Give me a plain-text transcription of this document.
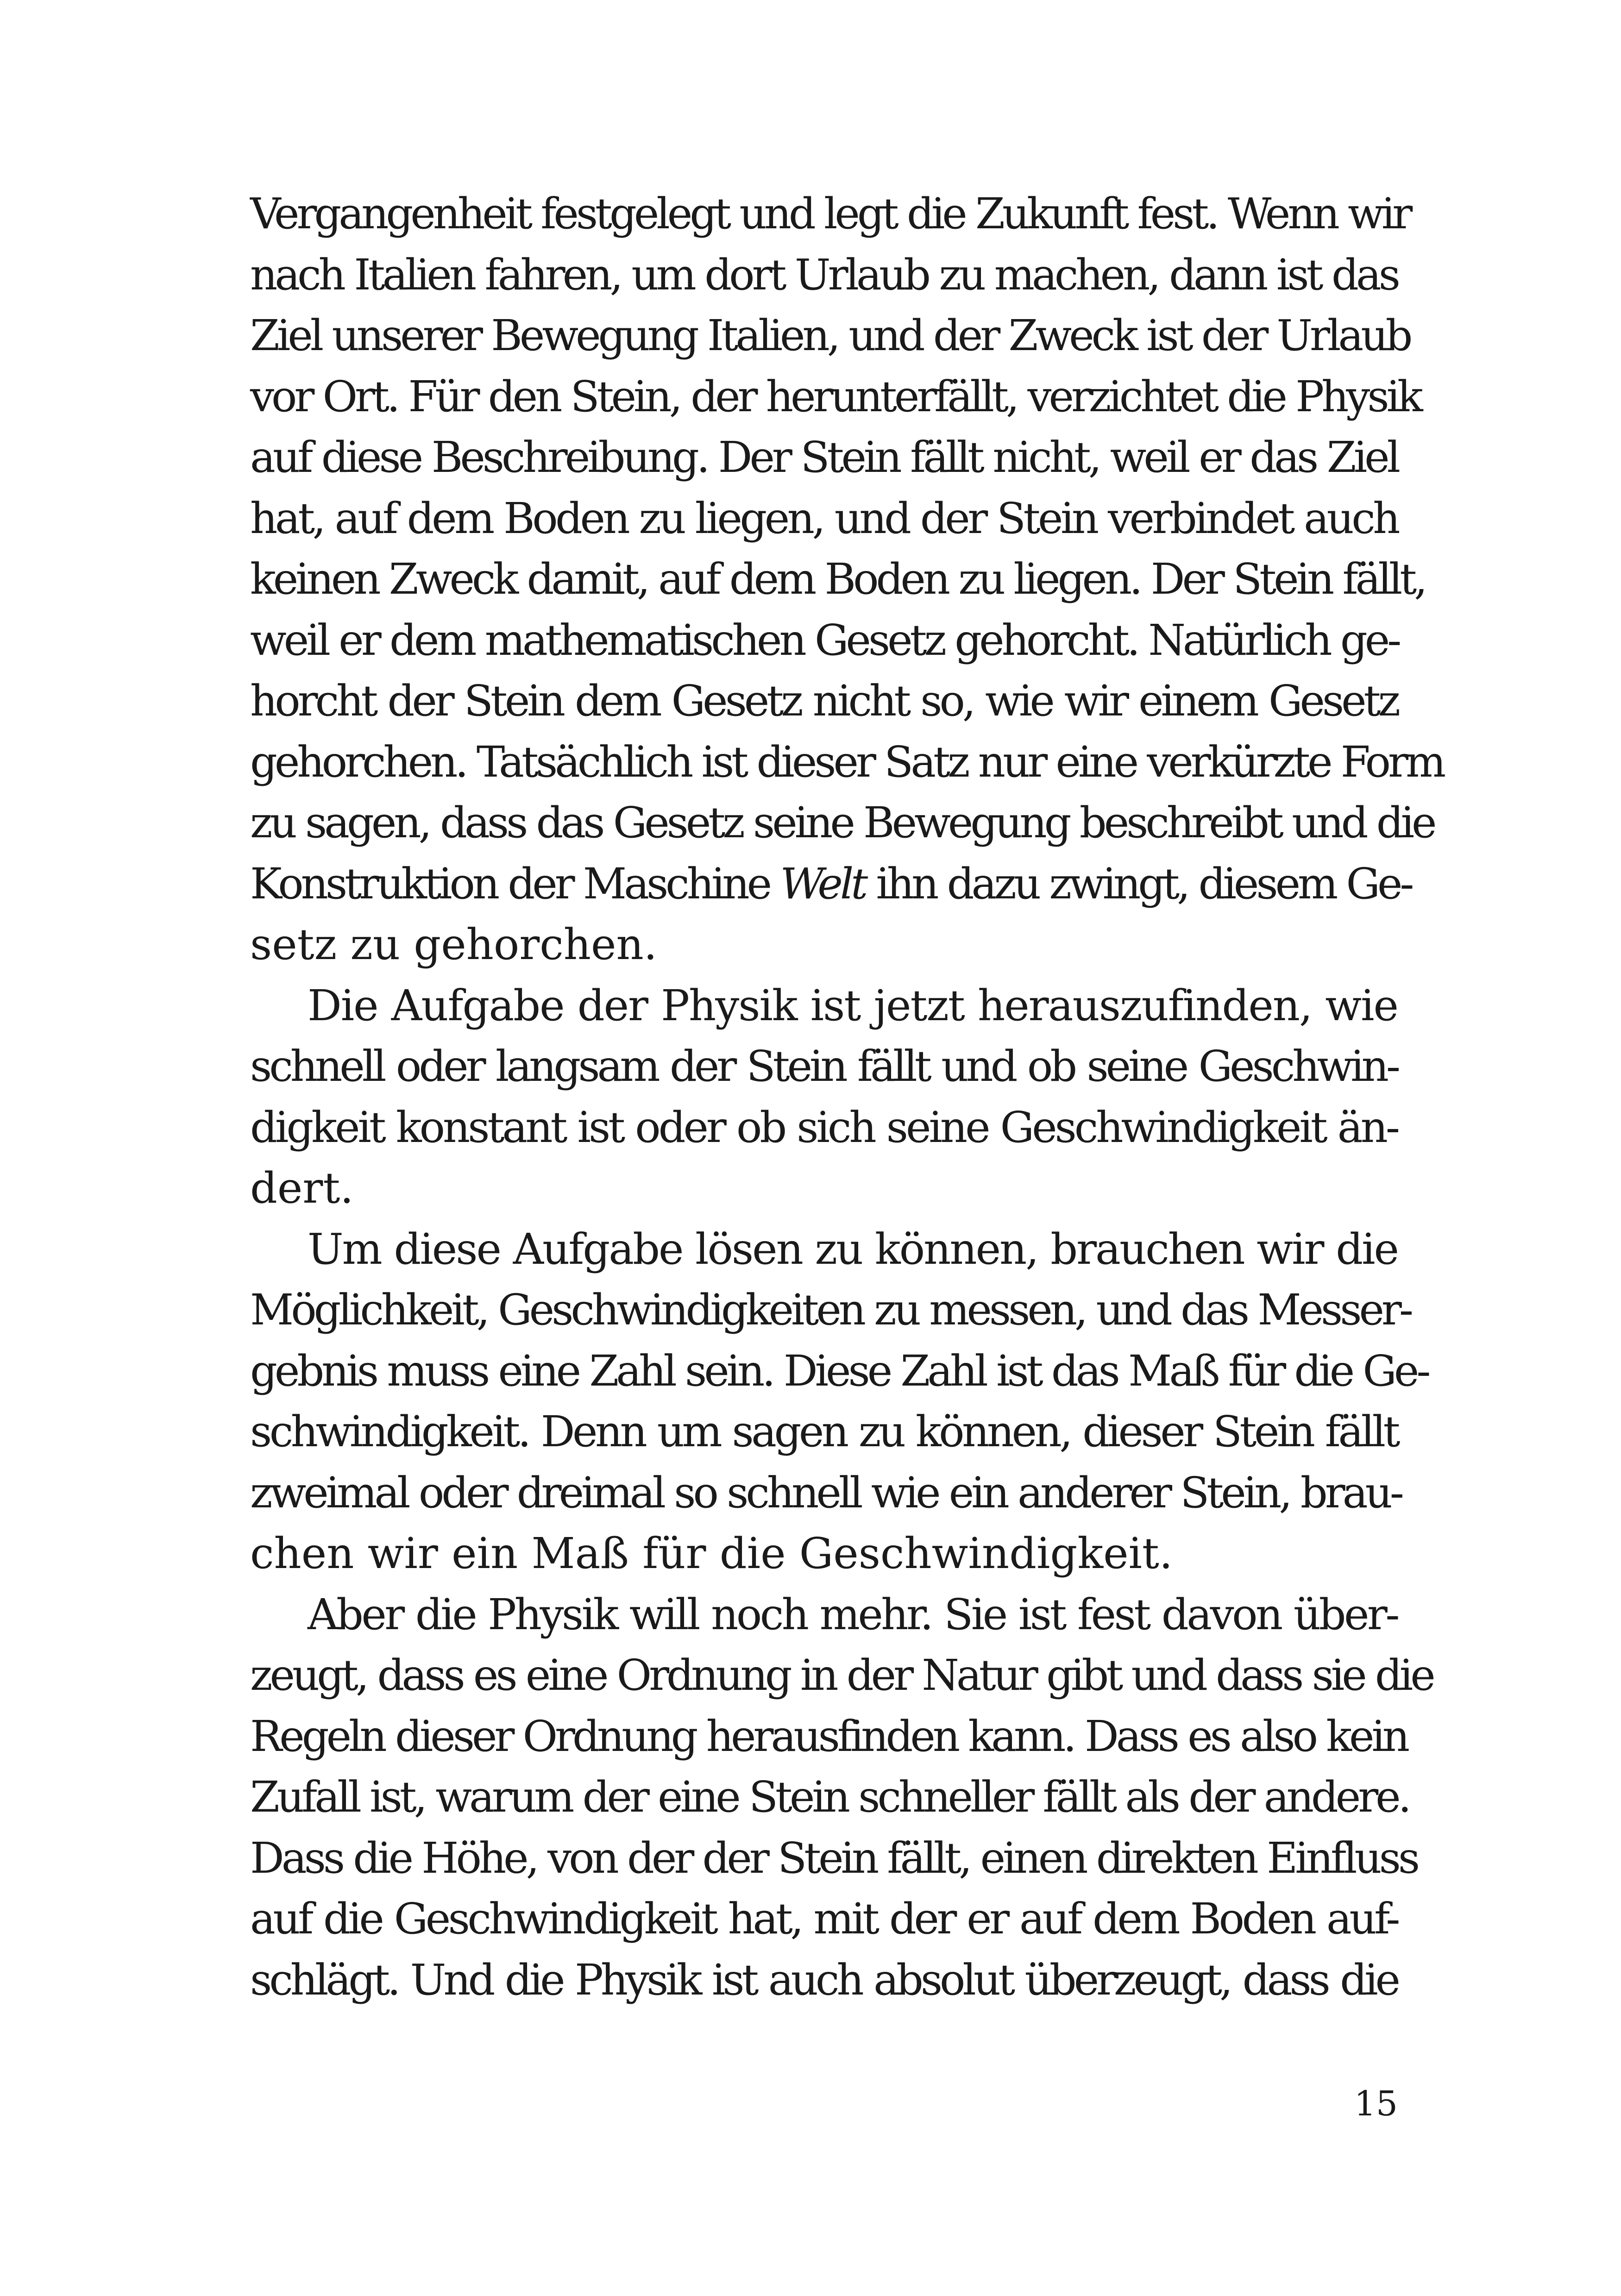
Vergangenheit festgelegt und legt die Zukunft fest. Wenn wir
nach Italien fahren, um dort Urlaub zu machen, dann ist das
Ziel unserer Bewegung Italien, und der Zweck ist der Urlaub
vor Ort. Für den Stein, der herunterfällt, verzichtet die Physik
auf diese Beschreibung. Der Stein fällt nicht, weil er das Ziel
hat, auf dem Boden zu liegen, und der Stein verbindet auch
keinen Zweck damit, auf dem Boden zu liegen. Der Stein fällt,
weil er dem mathematischen Gesetz gehorcht. Natürlich ge-
horcht der Stein dem Gesetz nicht so, wie wir einem Gesetz
gehorchen. Tatsächlich ist dieser Satz nur eine verkürzte Form
zu sagen, dass das Gesetz seine Bewegung beschreibt und die
Konstruktion der Maschine Welt ihn dazu zwingt, diesem Ge-
setz zu gehorchen.
Die Aufgabe der Physik ist jetzt herauszufinden, wie
schnell oder langsam der Stein fällt und ob seine Geschwin-
digkeit konstant ist oder ob sich seine Geschwindigkeit än-
dert.
Um diese Aufgabe lösen zu können, brauchen wir die
Möglichkeit, Geschwindigkeiten zu messen, und das Messer-
gebnis muss eine Zahl sein. Diese Zahl ist das Maß für die Ge-
schwindigkeit. Denn um sagen zu können, dieser Stein fällt
zweimal oder dreimal so schnell wie ein anderer Stein, brau-
chen wir ein Maß für die Geschwindigkeit.
Aber die Physik will noch mehr. Sie ist fest davon über-
zeugt, dass es eine Ordnung in der Natur gibt und dass sie die
Regeln dieser Ordnung herausfinden kann. Dass es also kein
Zufall ist, warum der eine Stein schneller fällt als der andere.
Dass die Höhe, von der der Stein fällt, einen direkten Einfluss
auf die Geschwindigkeit hat, mit der er auf dem Boden auf-
schlägt. Und die Physik ist auch absolut überzeugt, dass die
15
